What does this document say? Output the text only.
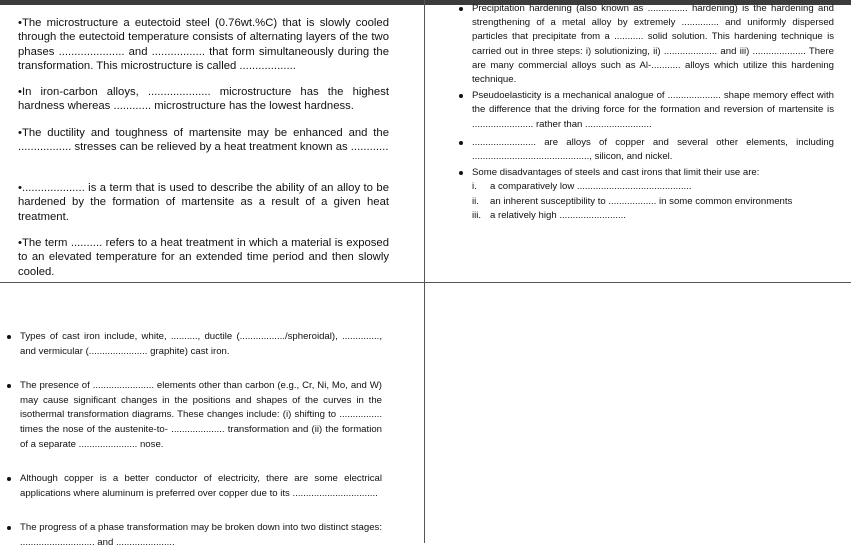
•The microstructure a eutectoid steel (0.76wt.%C) that is slowly cooled through the eutectoid temperature consists of alternating layers of the two phases ..................... and ................. that form simultaneously during the transformation. This microstructure is called ..................

•In iron-carbon alloys, .................... microstructure has the highest hardness whereas ............ microstructure has the lowest hardness.

•The ductility and toughness of martensite may be enhanced and the ................. stresses can be relieved by a heat treatment known as ............

•.................... is a term that is used to describe the ability of an alloy to be hardened by the formation of martensite as a result of a given heat treatment.

•The term .......... refers to a heat treatment in which a material is exposed to an elevated temperature for an extended time period and then slowly cooled.

Precipitation hardening (also known as ............... hardening) is the hardening and strengthening of a metal alloy by extremely .............. and uniformly dispersed particles that precipitate from a ........... solid solution. This hardening technique is carried out in three steps: i) solutionizing, ii) .................... and iii) .................... There are many commercial alloys such as Al-........... alloys which utilize this hardening technique.
Pseudoelasticity is a mechanical analogue of .................... shape memory effect with the difference that the driving force for the formation and reversion of martensite is ....................... rather than .........................
........................ are alloys of copper and several other elements, including ............................................, silicon, and nickel.
Some disadvantages of steels and cast irons that limit their use are:
i. a comparatively low ...........................................
ii. an inherent susceptibility to .................. in some common environments
iii. a relatively high .........................
Types of cast iron include, white, .........., ductile (................./spheroidal), .............., and vermicular (...................... graphite) cast iron.
The presence of ....................... elements other than carbon (e.g., Cr, Ni, Mo, and W) may cause significant changes in the positions and shapes of the curves in the isothermal transformation diagrams. These changes include: (i) shifting to ................ times the nose of the austenite-to- .................... transformation and (ii) the formation of a separate ...................... nose.
Although copper is a better conductor of electricity, there are some electrical applications where aluminum is preferred over copper due to its ................................
The progress of a phase transformation may be broken down into two distinct stages: ............................ and ......................
